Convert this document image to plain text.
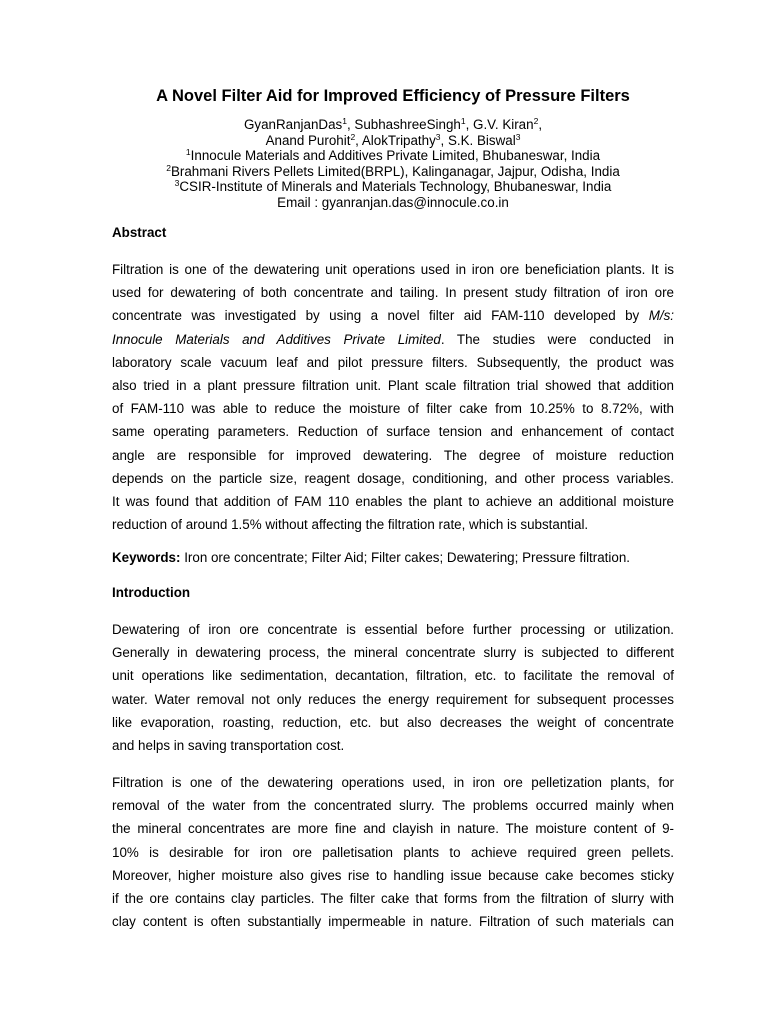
A Novel Filter Aid for Improved Efficiency of Pressure Filters
GyanRanjanDas$^1$, SubhashreeSingh$^1$, G.V. Kiran$^2$,
Anand Purohit$^2$, AlokTripathy$^3$, S.K. Biswal$^3$
$^1$Innocule Materials and Additives Private Limited, Bhubaneswar, India
$^2$Brahmani Rivers Pellets Limited(BRPL), Kalinganagar, Jajpur, Odisha, India
$^3$CSIR-Institute of Minerals and Materials Technology, Bhubaneswar, India
Email : gyanranjan.das@innocule.co.in
Abstract
Filtration is one of the dewatering unit operations used in iron ore beneficiation plants. It is
used for dewatering of both concentrate and tailing. In present study filtration of iron ore
concentrate was investigated by using a novel filter aid FAM-110 developed by M/s:
Innocule Materials and Additives Private Limited. The studies were conducted in
laboratory scale vacuum leaf and pilot pressure filters. Subsequently, the product was
also tried in a plant pressure filtration unit. Plant scale filtration trial showed that addition
of FAM-110 was able to reduce the moisture of filter cake from 10.25% to 8.72%, with
same operating parameters. Reduction of surface tension and enhancement of contact
angle are responsible for improved dewatering. The degree of moisture reduction
depends on the particle size, reagent dosage, conditioning, and other process variables.
It was found that addition of FAM 110 enables the plant to achieve an additional moisture
reduction of around 1.5% without affecting the filtration rate, which is substantial.
Keywords: Iron ore concentrate; Filter Aid; Filter cakes; Dewatering; Pressure filtration.
Introduction
Dewatering of iron ore concentrate is essential before further processing or utilization.
Generally in dewatering process, the mineral concentrate slurry is subjected to different
unit operations like sedimentation, decantation, filtration, etc. to facilitate the removal of
water. Water removal not only reduces the energy requirement for subsequent processes
like evaporation, roasting, reduction, etc. but also decreases the weight of concentrate
and helps in saving transportation cost.
Filtration is one of the dewatering operations used, in iron ore pelletization plants, for
removal of the water from the concentrated slurry. The problems occurred mainly when
the mineral concentrates are more fine and clayish in nature. The moisture content of 9-
10% is desirable for iron ore palletisation plants to achieve required green pellets.
Moreover, higher moisture also gives rise to handling issue because cake becomes sticky
if the ore contains clay particles. The filter cake that forms from the filtration of slurry with
clay content is often substantially impermeable in nature. Filtration of such materials can
